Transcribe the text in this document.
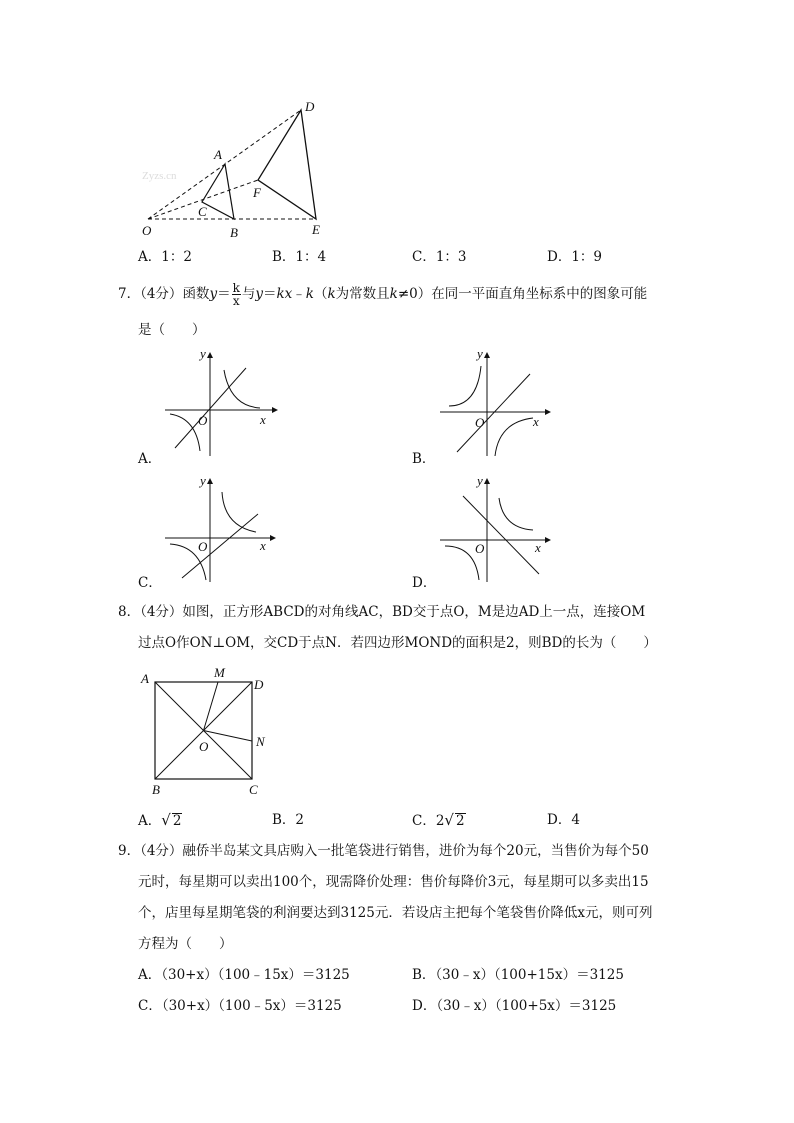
Zyzs.cn
D
A
F
C
O	B	E
A．1：2	B．1：4	C．1：3	D．1：9
7．（4分）函数$y= \frac{k}{x}$ 与y＝kx﹣k（k为常数且k≠0）在同一平面直角坐标系中的图象可能
是（　　）
y
x
O
A．
y
x
O
B．
y
x
O
C．
y
x
O
D．
8．（4分）如图，正方形ABCD的对角线AC，BD交于点O，M是边AD上一点，连接OM
过点O作ON⊥OM，交CD于点N．若四边形MOND的面积是2，则BD的长为（　　）
A	M
D
O	N
B	C
A．√ 2	B．2	C．2√ 2	D．4
9．（4分）融侨半岛某文具店购入一批笔袋进行销售，进价为每个20元，当售价为每个50
元时，每星期可以卖出100个，现需降价处理：售价每降价3元，每星期可以多卖出15
个，店里每星期笔袋的利润要达到3125元．若设店主把每个笔袋售价降低x元，则可列
方程为（　　）
A．（30+x）（100﹣15x）＝3125	B．（30﹣x）（100+15x）＝3125
C．（30+x）（100﹣5x）＝3125	D．（30﹣x）（100+5x）＝3125
